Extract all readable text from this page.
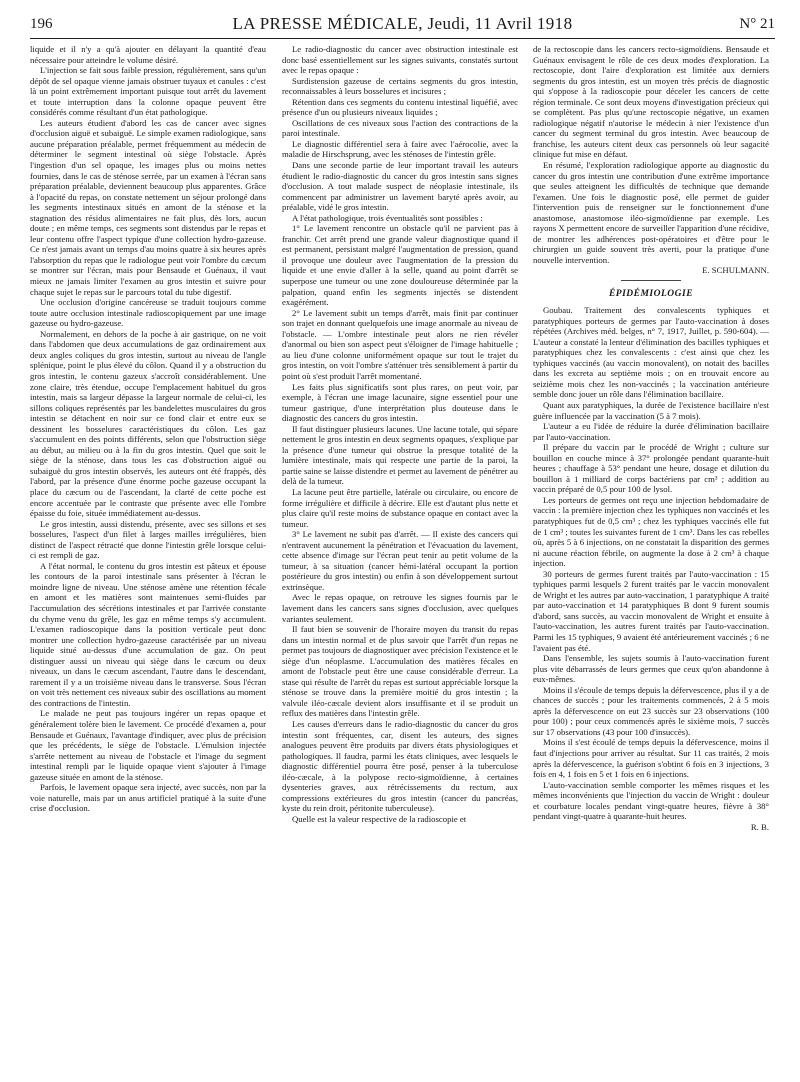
196	LA PRESSE MÉDICALE, Jeudi, 11 Avril 1918	N° 21

liquide et il n'y a qu'à ajouter en délayant la quantité d'eau nécessaire pour atteindre le volume désiré.

L'injection se fait sous faible pression, régulièrement, sans qu'un dépôt de sel opaque vienne jamais obstruer tuyaux et canules : c'est là un point extrêmement important puisque tout arrêt du lavement et toute interruption dans la colonne opaque peuvent être considérés comme résultant d'un état pathologique.

Les auteurs étudient d'abord les cas de cancer avec signes d'occlusion aiguë et subaiguë. Le simple examen radiologique, sans aucune préparation préalable, permet fréquemment au médecin de déterminer le segment intestinal où siège l'obstacle. Après l'ingestion d'un sel opaque, les images plus ou moins nettes fournies, dans le cas de sténose serrée, par un examen à l'écran sans préparation préalable, deviennent beaucoup plus apparentes. Grâce à l'opacité du repas, on constate nettement un séjour prolongé dans les segments intestinaux situés en amont de la sténose et la stagnation des résidus alimentaires ne fait plus, dès lors, aucun doute ; en même temps, ces segments sont distendus par le repas et leur contenu offre l'aspect typique d'une collection hydro-gazeuse. Ce n'est jamais avant un temps d'au moins quatre à six heures après l'absorption du repas que le radiologue peut voir l'ombre du cæcum se montrer sur l'écran, mais pour Bensaude et Guénaux, il vaut mieux ne jamais limiter l'examen au gros intestin et suivre pour chaque sujet le repas sur le parcours total du tube digestif.

Une occlusion d'origine cancéreuse se traduit toujours comme toute autre occlusion intestinale radioscopiquement par une image gazeuse ou hydro-gazeuse.

Normalement, en dehors de la poche à air gastrique, on ne voit dans l'abdomen que deux accumulations de gaz ordinairement aux deux angles coliques du gros intestin, surtout au niveau de l'angle splénique, point le plus élevé du côlon. Quand il y a obstruction du gros intestin, le contenu gazeux s'accroît considérablement. Une zone claire, très étendue, occupe l'emplacement habituel du gros intestin, mais sa largeur dépasse la largeur normale de celui-ci, les sillons coliques représentés par les bandelettes musculaires du gros intestin se détachent en noir sur ce fond clair et entre eux se dessinent les bosselures caractéristiques du côlon. Les gaz s'accumulent en des points différents, selon que l'obstruction siège au début, au milieu ou à la fin du gros intestin. Quel que soit le siège de la sténose, dans tous les cas d'obstruction aiguë ou subaiguë du gros intestin observés, les auteurs ont été frappés, dès l'abord, par la présence d'une énorme poche gazeuse occupant la place du cæcum ou de l'ascendant, la clarté de cette poche est encore accentuée par le contraste que présente avec elle l'ombre épaisse du foie, située immédiatement au-dessus.

Le gros intestin, aussi distendu, présente, avec ses sillons et ses bosselures, l'aspect d'un filet à larges mailles irrégulières, bien distinct de l'aspect rétracté que donne l'intestin grêle lorsque celui-ci est rempli de gaz.

A l'état normal, le contenu du gros intestin est pâteux et épouse les contours de la paroi intestinale sans présenter à l'écran le moindre ligne de niveau. Une sténose amène une rétention fécale en amont et les matières sont maintenues semi-fluides par l'accumulation des sécrétions intestinales et par l'arrivée constante du chyme venu du grêle, les gaz en même temps s'y accumulent. L'examen radioscopique dans la position verticale peut donc montrer une collection hydro-gazeuse caractérisée par un niveau liquide situé au-dessus d'une accumulation de gaz. On peut distinguer aussi un niveau qui siège dans le cæcum ou deux niveaux, un dans le cæcum ascendant, l'autre dans le descendant, rarement il y a un troisième niveau dans le transverse. Sous l'écran on voit très nettement ces niveaux subir des oscillations au moment des contractions de l'intestin.

Le malade ne peut pas toujours ingérer un repas opaque et généralement tolère bien le lavement. Ce procédé d'examen a, pour Bensaude et Guénaux, l'avantage d'indiquer, avec plus de précision que les précédents, le siège de l'obstacle. L'émulsion injectée s'arrête nettement au niveau de l'obstacle et l'image du segment intestinal rempli par le liquide opaque vient s'ajouter à l'image gazeuse située en amont de la sténose.

Parfois, le lavement opaque sera injecté, avec succès, non par la voie naturelle, mais par un anus artificiel pratiqué à la suite d'une crise d'occlusion.

Le radio-diagnostic du cancer avec obstruction intestinale est donc basé essentiellement sur les signes suivants, constatés surtout avec le repas opaque :

Surdistension gazeuse de certains segments du gros intestin, reconnaissables à leurs bosselures et incisures ;

Rétention dans ces segments du contenu intestinal liquéfié, avec présence d'un ou plusieurs niveaux liquides ;

Oscillations de ces niveaux sous l'action des contractions de la paroi intestinale.

Le diagnostic différentiel sera à faire avec l'aérocolie, avec la maladie de Hirschsprung, avec les sténoses de l'intestin grêle.

Dans une seconde partie de leur important travail les auteurs étudient le radio-diagnostic du cancer du gros intestin sans signes d'occlusion. A tout malade suspect de néoplasie intestinale, ils commencent par administrer un lavement baryté après avoir, au préalable, vidé le gros intestin.

A l'état pathologique, trois éventualités sont possibles :

1° Le lavement rencontre un obstacle qu'il ne parvient pas à franchir. Cet arrêt prend une grande valeur diagnostique quand il est permanent, persistant malgré l'augmentation de pression, quand il provoque une douleur avec l'augmentation de la pression du liquide et une envie d'aller à la selle, quand au point d'arrêt se superpose une tumeur ou une zone douloureuse déterminée par la palpation, quand enfin les segments injectés se distendent exagérément.

2° Le lavement subit un temps d'arrêt, mais finit par continuer son trajet en donnant quelquefois une image anormale au niveau de l'obstacle. — L'ombre intestinale peut alors ne rien révéler d'anormal ou bien son aspect peut s'éloigner de l'image habituelle ; au lieu d'une colonne uniformément opaque sur tout le trajet du gros intestin, on voit l'ombre s'atténuer très sensiblement à partir du point où s'est produit l'arrêt momentané.

Les faits plus significatifs sont plus rares, on peut voir, par exemple, à l'écran une image lacunaire, signe essentiel pour une tumeur gastrique, d'une interprétation plus douteuse dans le diagnostic des cancers du gros intestin.

Il faut distinguer plusieurs lacunes. Une lacune totale, qui sépare nettement le gros intestin en deux segments opaques, s'explique par la présence d'une tumeur qui obstrue la presque totalité de la lumière intestinale, mais qui respecte une partie de la paroi, la partie saine se laisse distendre et permet au lavement de pénétrer au delà de la tumeur.

La lacune peut être partielle, latérale ou circulaire, ou encore de forme irrégulière et difficile à décrire. Elle est d'autant plus nette et plus claire qu'il reste moins de substance opaque en contact avec la tumeur.

3° Le lavement ne subit pas d'arrêt. — Il existe des cancers qui n'entravent aucunement la pénétration et l'évacuation du lavement, cette absence d'image sur l'écran peut tenir au petit volume de la tumeur, à sa situation (cancer hémi-latéral occupant la portion postérieure du gros intestin) ou enfin à son développement surtout extrinsèque.

Avec le repas opaque, on retrouve les signes fournis par le lavement dans les cancers sans signes d'occlusion, avec quelques variantes seulement.

Il faut bien se souvenir de l'horaire moyen du transit du repas dans un intestin normal et de plus savoir que l'arrêt d'un repas ne permet pas toujours de diagnostiquer avec précision l'existence et le siège d'un néoplasme. L'accumulation des matières fécales en amont de l'obstacle peut être une cause considérable d'erreur. La stase qui résulte de l'arrêt du repas est surtout appréciable lorsque la sténose se trouve dans la première moitié du gros intestin ; la valvule iléo-cæcale devient alors insuffisante et il se produit un reflux des matières dans l'intestin grêle.

Les causes d'erreurs dans le radio-diagnostic du cancer du gros intestin sont fréquentes, car, disent les auteurs, des signes analogues peuvent être produits par divers états physiologiques et pathologiques. Il faudra, parmi les états cliniques, avec lesquels le diagnostic différentiel pourra être posé, penser à la tuberculose iléo-cæcale, à la polypose recto-sigmoïdienne, à certaines dysenteries graves, aux rétrécissements du rectum, aux compressions extérieures du gros intestin (cancer du pancréas, kyste du rein droit, péritonite tuberculeuse).

Quelle est la valeur respective de la radioscopie et

de la rectoscopie dans les cancers recto-sigmoïdiens. Bensaude et Guénaux envisagent le rôle de ces deux modes d'exploration. La rectoscopie, dont l'aire d'exploration est limitée aux derniers segments du gros intestin, est un moyen très précis de diagnostic qui s'oppose à la radioscopie pour déceler les cancers de cette région terminale. Ce sont deux moyens d'investigation précieux qui se complètent. Pas plus qu'une rectoscopie négative, un examen radiologique négatif n'autorise le médecin à nier l'existence d'un cancer du segment terminal du gros intestin. Avec beaucoup de franchise, les auteurs citent deux cas personnels où leur sagacité clinique fut mise en défaut.

En résumé, l'exploration radiologique apporte au diagnostic du cancer du gros intestin une contribution d'une extrême importance que seules atteignent les difficultés de technique que demande l'examen. Une fois le diagnostic posé, elle permet de guider l'intervention puis de renseigner sur le fonctionnement d'une anastomose, anastomose iléo-sigmoïdienne par exemple. Les rayons X permettent encore de surveiller l'apparition d'une récidive, de montrer les adhérences post-opératoires et d'être pour le chirurgien un guide souvent très averti, pour la pratique d'une nouvelle intervention.

E. SCHULMANN.

ÉPIDÉMIOLOGIE

Goubau. Traitement des convalescents typhiques et paratyphiques porteurs de germes par l'auto-vaccination à doses répétées (Archives méd. belges, n° 7, 1917, Juillet, p. 590-604). — L'auteur a constaté la lenteur d'élimination des bacilles typhiques et paratyphiques chez les convalescents : c'est ainsi que chez les typhiques vaccinés (au vaccin monovalent), on notait des bacilles dans les excreta au septième mois ; on en trouvait encore au seizième mois chez les non-vaccinés ; la vaccination antérieure semble donc jouer un rôle dans l'élimination bacillaire.

Quant aux paratyphiques, la durée de l'existence bacillaire n'est guère influencée par la vaccination (5 à 7 mois).

L'auteur a eu l'idée de réduire la durée d'élimination bacillaire par l'auto-vaccination.

Il prépare du vaccin par le procédé de Wright ; culture sur bouillon en couche mince à 37° prolongée pendant quarante-huit heures ; chauffage à 53° pendant une heure, dosage et dilution du bouillon à 1 milliard de corps bactériens par cm³ ; addition au vaccin préparé de 0,5 pour 100 de lysol.

Les porteurs de germes ont reçu une injection hebdomadaire de vaccin : la première injection chez les typhiques non vaccinés et les paratyphiques fut de 0,5 cm³ ; chez les typhiques vaccinés elle fut de 1 cm³ ; toutes les suivantes furent de 1 cm³. Dans les cas rebelles où, après 5 à 6 injections, on ne constatait la disparition des germes ni aucune réaction fébrile, on augmente la dose à 2 cm³ à chaque injection.

30 porteurs de germes furent traités par l'auto-vaccination : 15 typhiques parmi lesquels 2 furent traités par le vaccin monovalent de Wright et les autres par auto-vaccination, 1 paratyphique A traité par auto-vaccination et 14 paratyphiques B dont 9 furent soumis d'abord, sans succès, au vaccin monovalent de Wright et ensuite à l'auto-vaccination, les autres furent traités par l'auto-vaccination. Parmi les 15 typhiques, 9 avaient été antérieurement vaccinés ; 6 ne l'avaient pas été.

Dans l'ensemble, les sujets soumis à l'auto-vaccination furent plus vite débarrassés de leurs germes que ceux qu'on abandonne à eux-mêmes.

Moins il s'écoule de temps depuis la défervescence, plus il y a de chances de succès ; pour les traitements commencés, 2 à 5 mois après la défervescence on eut 23 succès sur 23 observations (100 pour 100) ; pour ceux commencés après le sixième mois, 7 succès sur 17 observations (43 pour 100 d'insuccès).

Moins il s'est écoulé de temps depuis la défervescence, moins il faut d'injections pour arriver au résultat. Sur 11 cas traités, 2 mois après la défervescence, la guérison s'obtint 6 fois en 3 injections, 3 fois en 4, 1 fois en 5 et 1 fois en 6 injections.

L'auto-vaccination semble comporter les mêmes risques et les mêmes inconvénients que l'injection du vaccin de Wright : douleur et courbature locales pendant vingt-quatre heures, fièvre à 38° pendant vingt-quatre à quarante-huit heures.

R. B.
